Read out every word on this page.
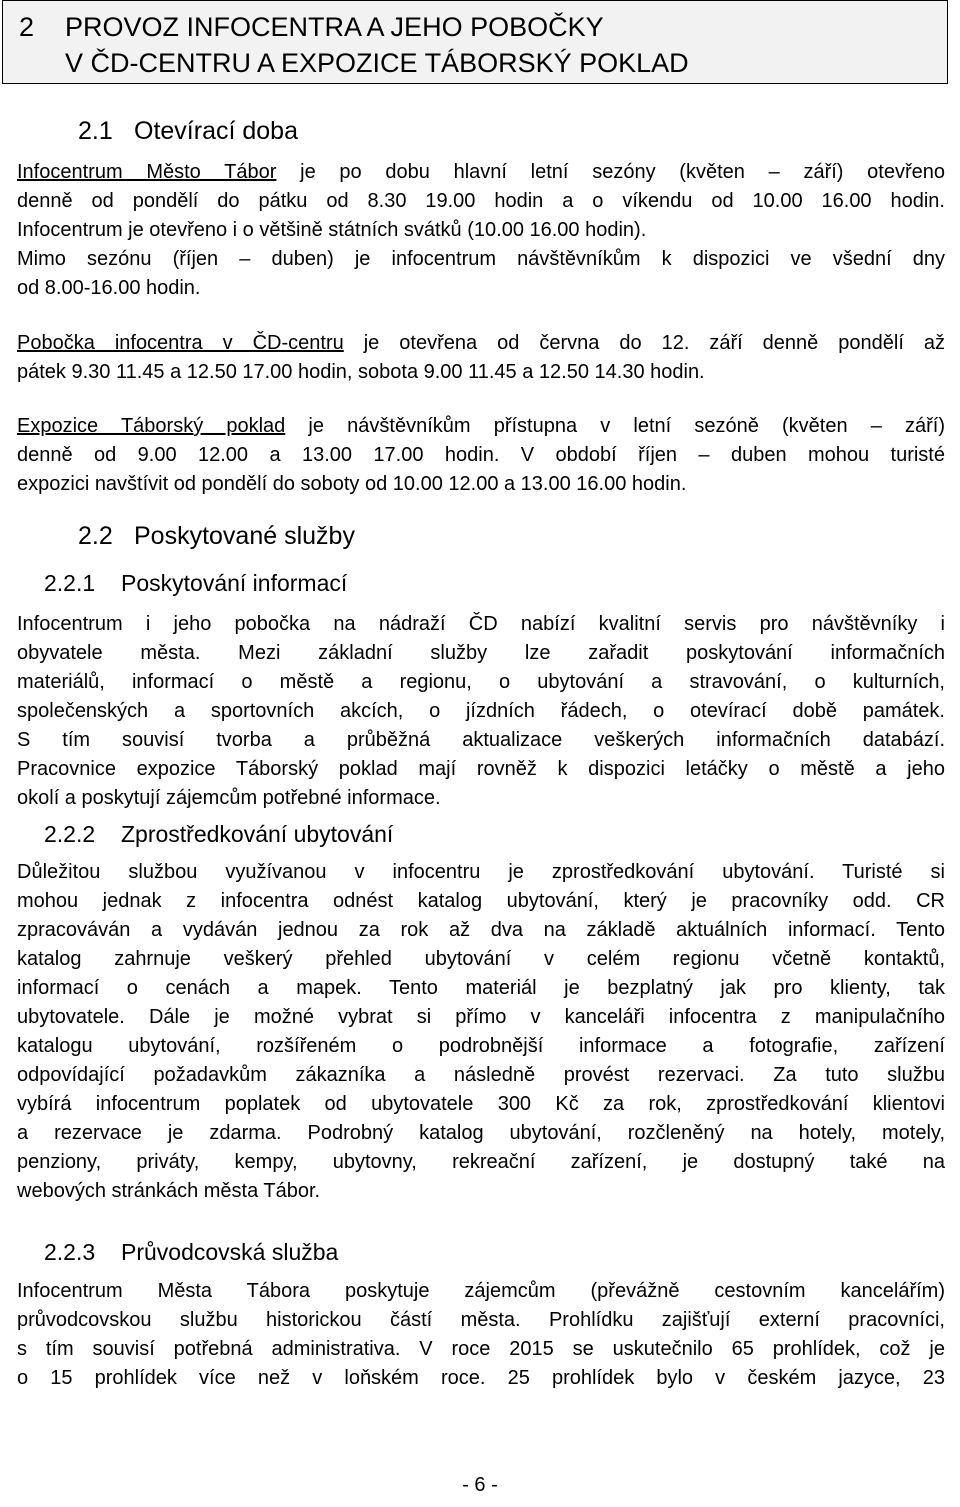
2 PROVOZ INFOCENTRA A JEHO POBOČKY
V ČD-CENTRU A EXPOZICE TÁBORSKÝ POKLAD
2.1 Otevírací doba
Infocentrum Město Tábor je po dobu hlavní letní sezóny (květen – září) otevřeno
denně od pondělí do pátku od 8.30 19.00 hodin a o víkendu od 10.00 16.00 hodin.
Infocentrum je otevřeno i o většině státních svátků (10.00 16.00 hodin).
Mimo sezónu (říjen – duben) je infocentrum návštěvníkům k dispozici ve všední dny
od 8.00-16.00 hodin.
Pobočka infocentra v ČD-centru je otevřena od června do 12. září denně pondělí až
pátek 9.30 11.45 a 12.50 17.00 hodin, sobota 9.00 11.45 a 12.50 14.30 hodin.
Expozice Táborský poklad je návštěvníkům přístupna v letní sezóně (květen – září)
denně od 9.00 12.00 a 13.00 17.00 hodin. V období říjen – duben mohou turisté
expozici navštívit od pondělí do soboty od 10.00 12.00 a 13.00 16.00 hodin.
2.2 Poskytované služby
2.2.1 Poskytování informací
Infocentrum i jeho pobočka na nádraží ČD nabízí kvalitní servis pro návštěvníky i
obyvatele města. Mezi základní služby lze zařadit poskytování informačních
materiálů, informací o městě a regionu, o ubytování a stravování, o kulturních,
společenských a sportovních akcích, o jízdních řádech, o otevírací době památek.
S tím souvisí tvorba a průběžná aktualizace veškerých informačních databází.
Pracovnice expozice Táborský poklad mají rovněž k dispozici letáčky o městě a jeho
okolí a poskytují zájemcům potřebné informace.
2.2.2 Zprostředkování ubytování
Důležitou službou využívanou v infocentru je zprostředkování ubytování. Turisté si
mohou jednak z infocentra odnést katalog ubytování, který je pracovníky odd. CR
zpracováván a vydáván jednou za rok až dva na základě aktuálních informací. Tento
katalog zahrnuje veškerý přehled ubytování v celém regionu včetně kontaktů,
informací o cenách a mapek. Tento materiál je bezplatný jak pro klienty, tak
ubytovatele. Dále je možné vybrat si přímo v kanceláři infocentra z manipulačního
katalogu ubytování, rozšířeném o podrobnější informace a fotografie, zařízení
odpovídající požadavkům zákazníka a následně provést rezervaci. Za tuto službu
vybírá infocentrum poplatek od ubytovatele 300 Kč za rok, zprostředkování klientovi
a rezervace je zdarma. Podrobný katalog ubytování, rozčleněný na hotely, motely,
penziony, priváty, kempy, ubytovny, rekreační zařízení, je dostupný také na
webových stránkách města Tábor.
2.2.3 Průvodcovská služba
Infocentrum Města Tábora poskytuje zájemcům (převážně cestovním kancelářím)
průvodcovskou službu historickou částí města. Prohlídku zajišťují externí pracovníci,
s tím souvisí potřebná administrativa. V roce 2015 se uskutečnilo 65 prohlídek, což je
o 15 prohlídek více než v loňském roce. 25 prohlídek bylo v českém jazyce, 23
- 6 -
